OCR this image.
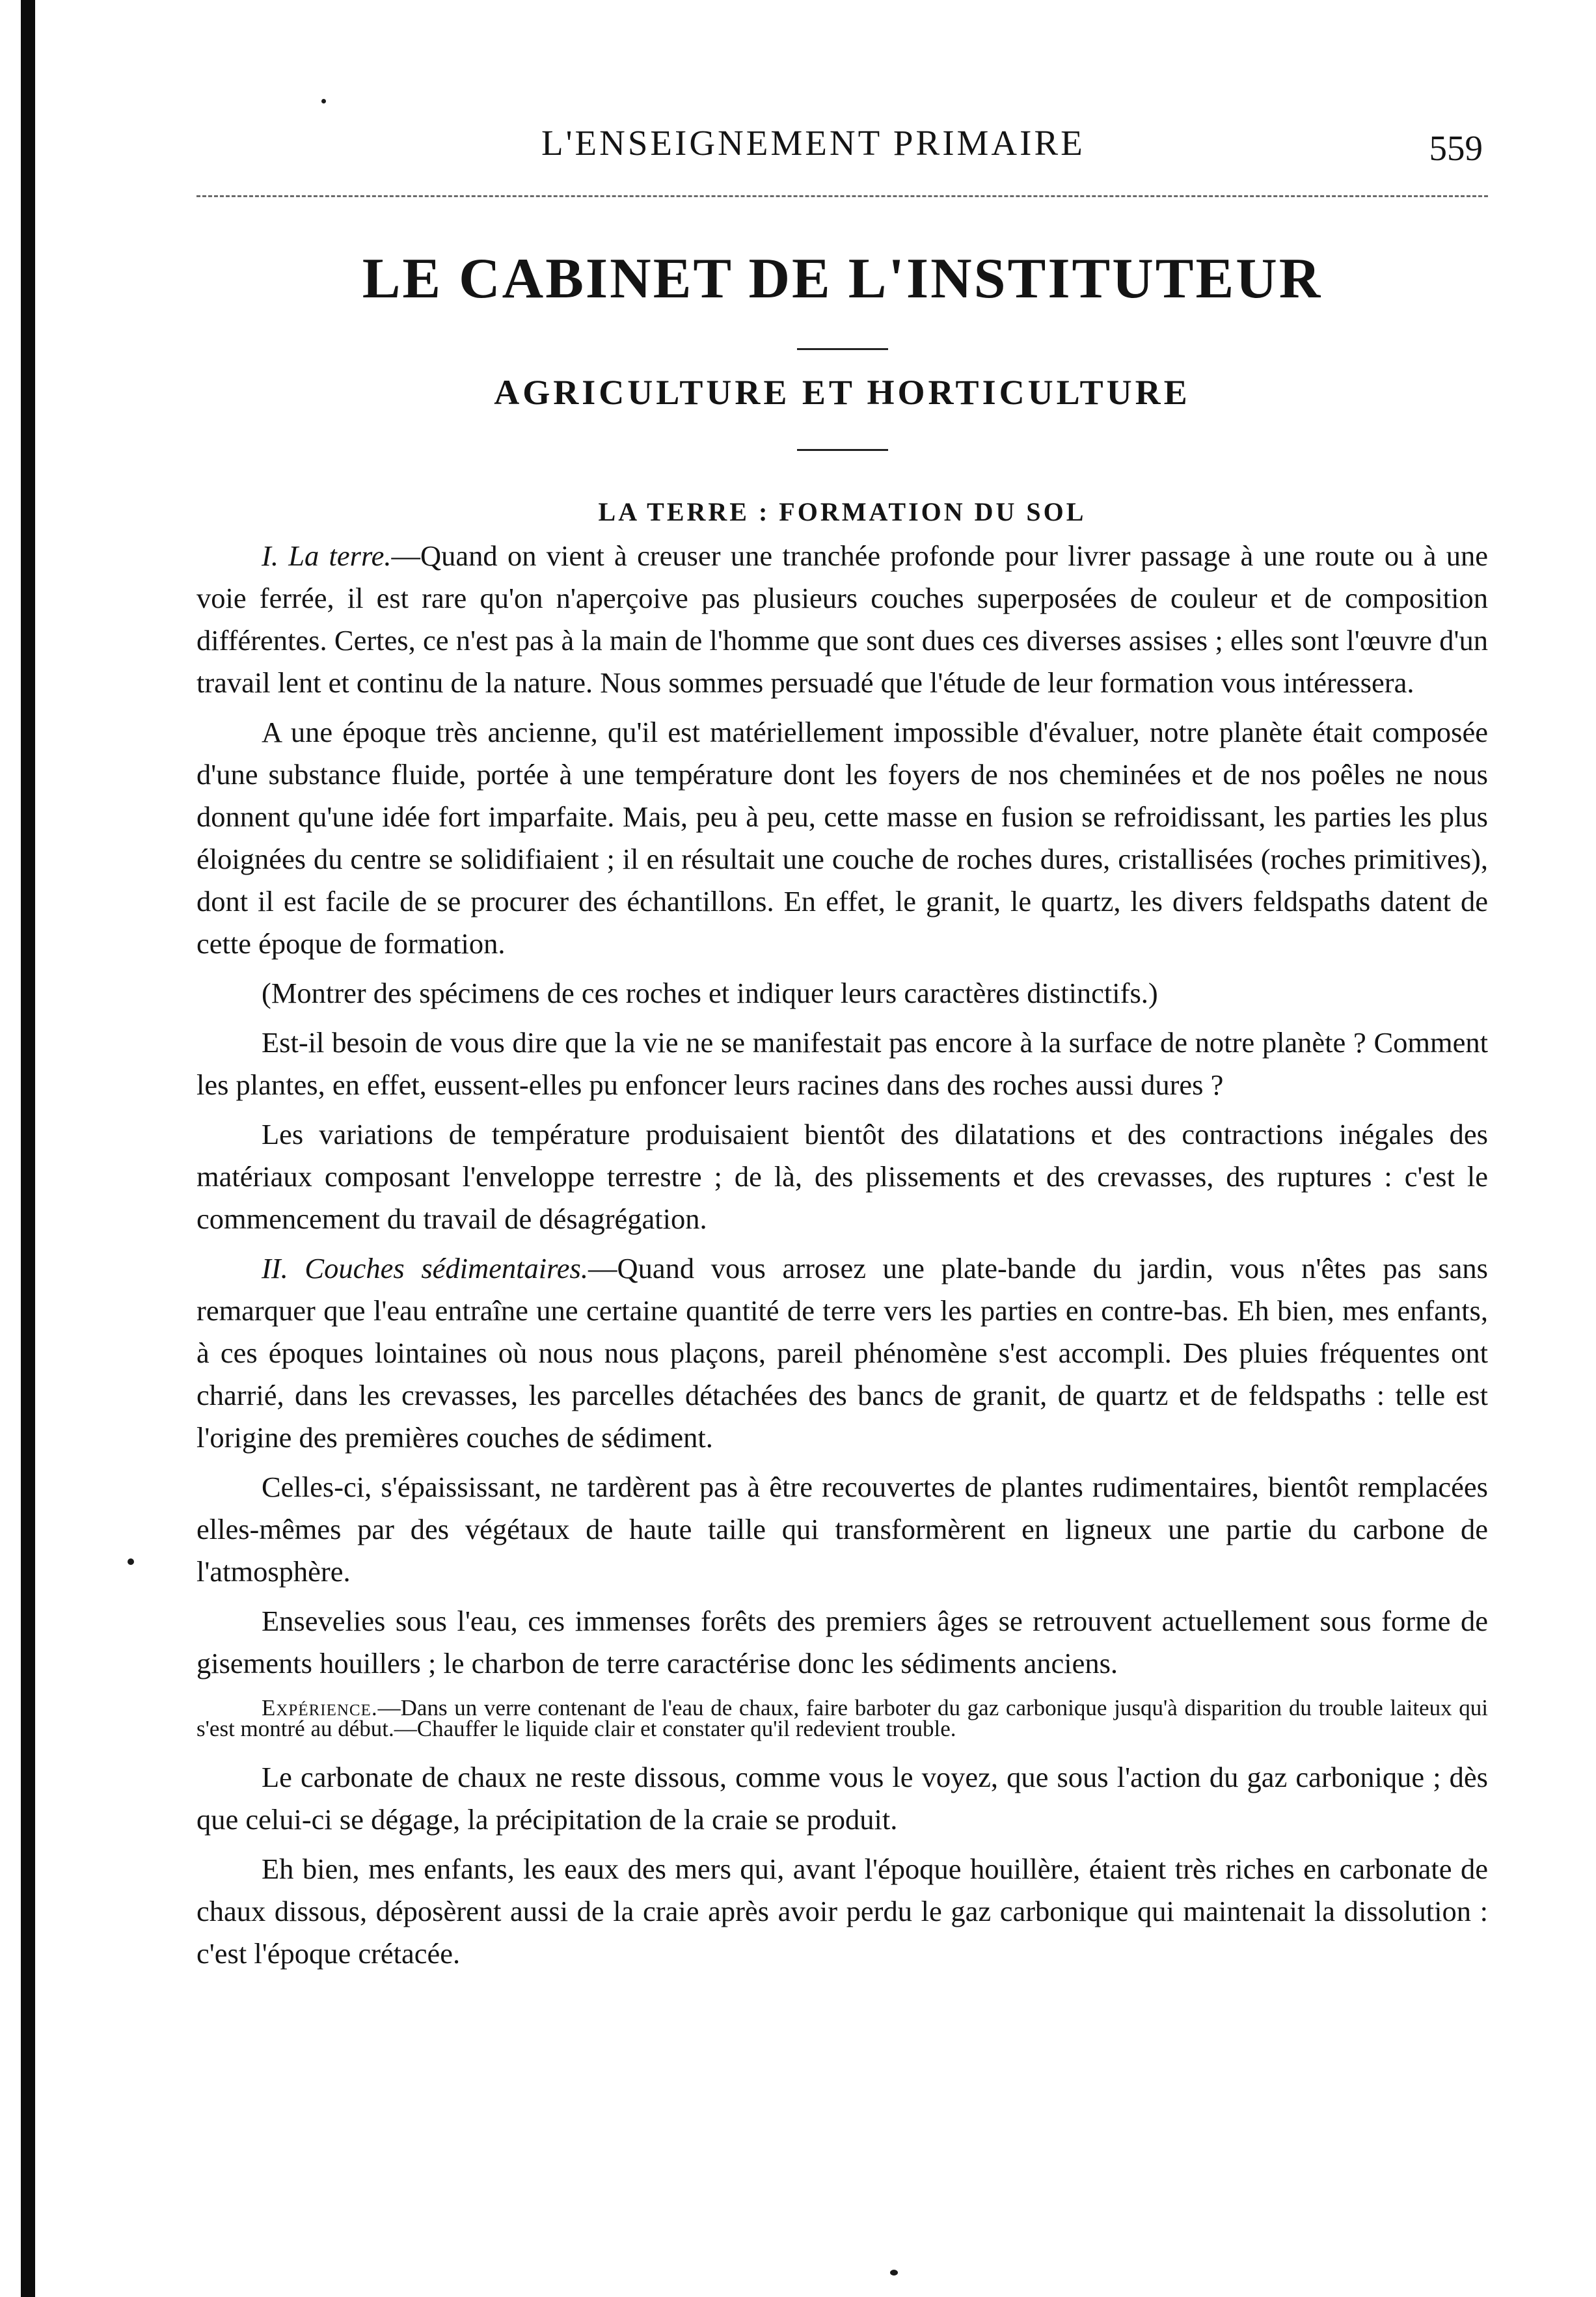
L'ENSEIGNEMENT PRIMAIRE	559
LE CABINET DE L'INSTITUTEUR
AGRICULTURE ET HORTICULTURE
LA TERRE : FORMATION DU SOL

I. La terre.—Quand on vient à creuser une tranchée profonde pour livrer passage à une route ou à une voie ferrée, il est rare qu'on n'aperçoive pas plusieurs couches superposées de couleur et de composition différentes. Certes, ce n'est pas à la main de l'homme que sont dues ces diverses assises ; elles sont l'œuvre d'un travail lent et continu de la nature. Nous sommes persuadé que l'étude de leur formation vous intéressera.

A une époque très ancienne, qu'il est matériellement impossible d'évaluer, notre planète était composée d'une substance fluide, portée à une température dont les foyers de nos cheminées et de nos poêles ne nous donnent qu'une idée fort imparfaite. Mais, peu à peu, cette masse en fusion se refroidissant, les parties les plus éloignées du centre se solidifiaient ; il en résultait une couche de roches dures, cristallisées (roches primitives), dont il est facile de se procurer des échantillons. En effet, le granit, le quartz, les divers feldspaths datent de cette époque de formation.

(Montrer des spécimens de ces roches et indiquer leurs caractères distinctifs.)

Est-il besoin de vous dire que la vie ne se manifestait pas encore à la surface de notre planète ? Comment les plantes, en effet, eussent-elles pu enfoncer leurs racines dans des roches aussi dures ?

Les variations de température produisaient bientôt des dilatations et des contractions inégales des matériaux composant l'enveloppe terrestre ; de là, des plissements et des crevasses, des ruptures : c'est le commencement du travail de désagrégation.

II. Couches sédimentaires.—Quand vous arrosez une plate-bande du jardin, vous n'êtes pas sans remarquer que l'eau entraîne une certaine quantité de terre vers les parties en contre-bas. Eh bien, mes enfants, à ces époques lointaines où nous nous plaçons, pareil phénomène s'est accompli. Des pluies fréquentes ont charrié, dans les crevasses, les parcelles détachées des bancs de granit, de quartz et de feldspaths : telle est l'origine des premières couches de sédiment.

Celles-ci, s'épaississant, ne tardèrent pas à être recouvertes de plantes rudimentaires, bientôt remplacées elles-mêmes par des végétaux de haute taille qui transformèrent en ligneux une partie du carbone de l'atmosphère.

Ensevelies sous l'eau, ces immenses forêts des premiers âges se retrouvent actuellement sous forme de gisements houillers ; le charbon de terre caractérise donc les sédiments anciens.

Expérience.—Dans un verre contenant de l'eau de chaux, faire barboter du gaz carbonique jusqu'à disparition du trouble laiteux qui s'est montré au début.—Chauffer le liquide clair et constater qu'il redevient trouble.

Le carbonate de chaux ne reste dissous, comme vous le voyez, que sous l'action du gaz carbonique ; dès que celui-ci se dégage, la précipitation de la craie se produit.

Eh bien, mes enfants, les eaux des mers qui, avant l'époque houillère, étaient très riches en carbonate de chaux dissous, déposèrent aussi de la craie après avoir perdu le gaz carbonique qui maintenait la dissolution : c'est l'époque crétacée.
